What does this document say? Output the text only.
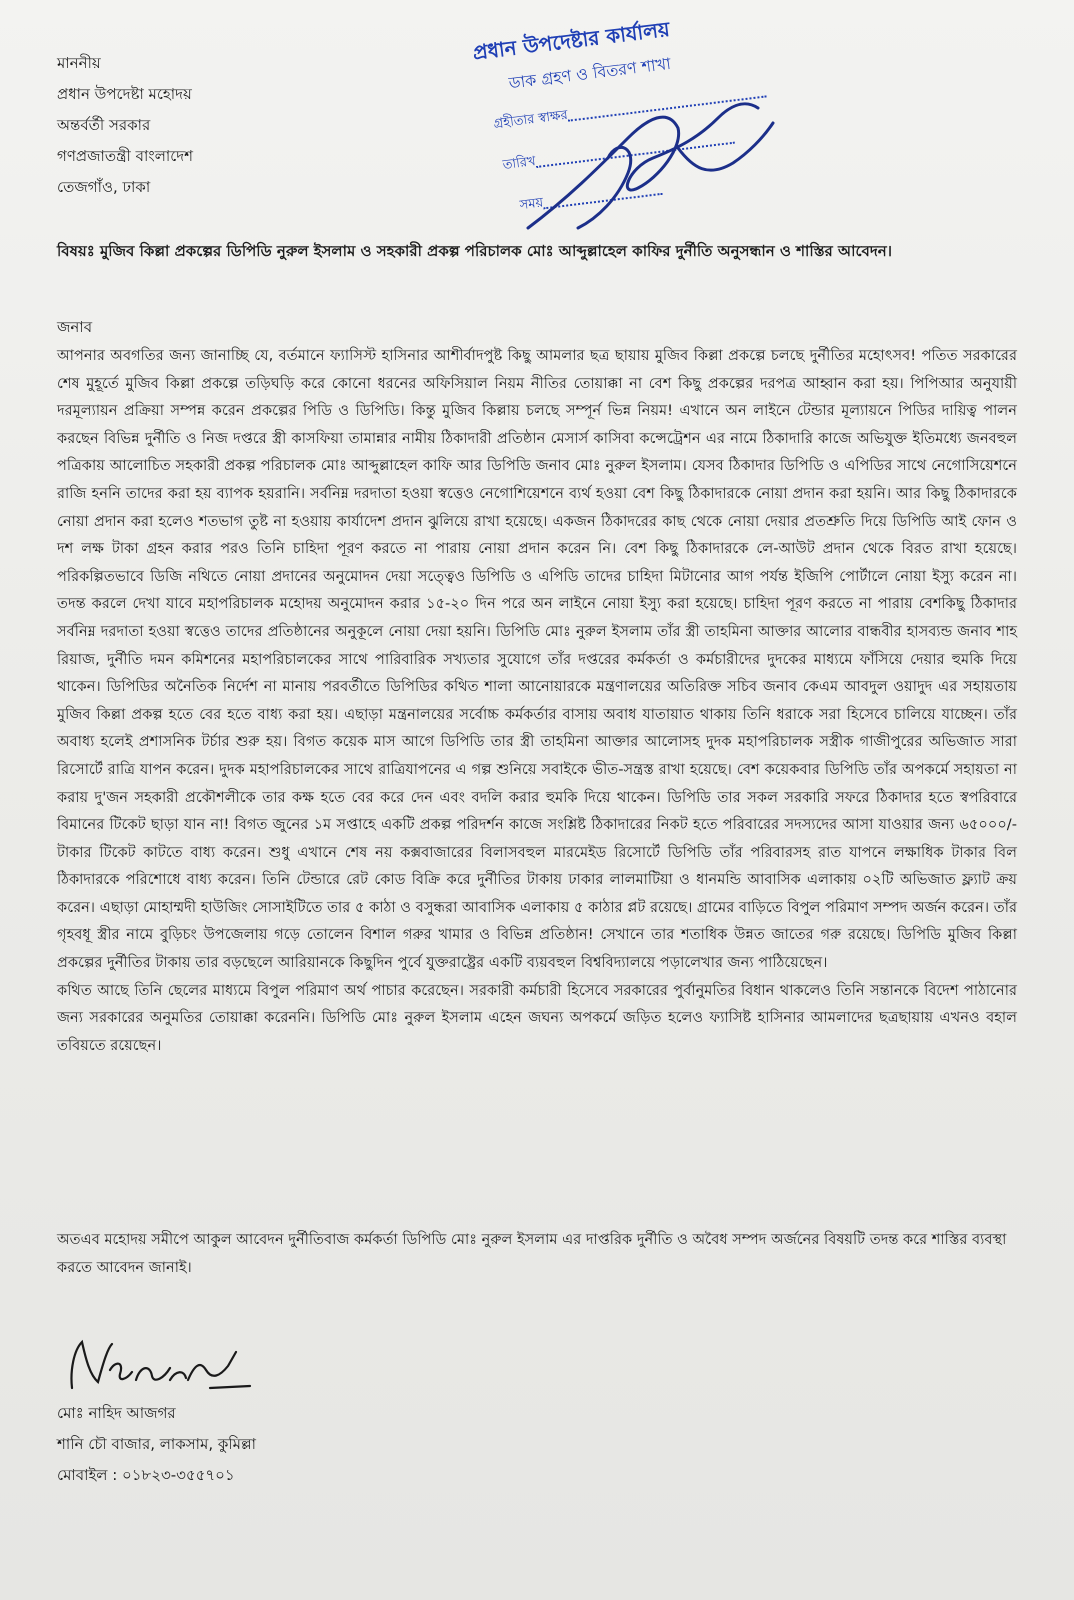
মাননীয়
প্রধান উপদেষ্টা মহোদয়
অন্তর্বর্তী সরকার
গণপ্রজাতন্ত্রী বাংলাদেশ
তেজগাঁও, ঢাকা
প্রধান উপদেষ্টার কার্যালয়
ডাক গ্রহণ ও বিতরণ শাখা
গ্রহীতার স্বাক্ষর
তারিখ
সময়
বিষয়ঃ মুজিব কিল্লা প্রকল্পের ডিপিডি নুরুল ইসলাম ও সহকারী প্রকল্প পরিচালক মোঃ আব্দুল্লাহেল কাফির দুর্নীতি অনুসন্ধান ও শাস্তির আবেদন।
জনাব

আপনার অবগতির জন্য জানাচ্ছি যে, বর্তমানে ফ্যাসিস্ট হাসিনার আশীর্বাদপুষ্ট কিছু আমলার ছত্র ছায়ায় মুজিব কিল্লা প্রকল্পে চলছে দুর্নীতির মহোৎসব! পতিত সরকারের শেষ মুহূর্তে মুজিব কিল্লা প্রকল্পে তড়িঘড়ি করে কোনো ধরনের অফিসিয়াল নিয়ম নীতির তোয়াক্কা না বেশ কিছু প্রকল্পের দরপত্র আহ্বান করা হয়। পিপিআর অনুযায়ী দরমূল্যায়ন প্রক্রিয়া সম্পন্ন করেন প্রকল্পের পিডি ও ডিপিডি। কিন্তু মুজিব কিল্লায় চলছে সম্পূর্ন ভিন্ন নিয়ম! এখানে অন লাইনে টেন্ডার মূল্যায়নে পিডির দায়িত্ব পালন করছেন বিভিন্ন দুর্নীতি ও নিজ দপ্তরে স্ত্রী কাসফিয়া তামান্নার নামীয় ঠিকাদারী প্রতিষ্ঠান মেসার্স কাসিবা কন্সেট্রেশন এর নামে ঠিকাদারি কাজে অভিযুক্ত ইতিমধ্যে জনবহুল পত্রিকায় আলোচিত সহকারী প্রকল্প পরিচালক মোঃ আব্দুল্লাহেল কাফি আর ডিপিডি জনাব মোঃ নুরুল ইসলাম। যেসব ঠিকাদার ডিপিডি ও এপিডির সাথে নেগোসিয়েশনে রাজি হননি তাদের করা হয় ব্যাপক হয়রানি। সর্বনিম্ন দরদাতা হওয়া স্বত্তেও নেগোশিয়েশনে ব্যর্থ হওয়া বেশ কিছু ঠিকাদারকে নোয়া প্রদান করা হয়নি। আর কিছু ঠিকাদারকে নোয়া প্রদান করা হলেও শতভাগ তুষ্ট না হওয়ায় কার্যাদেশ প্রদান ঝুলিয়ে রাখা হয়েছে। একজন ঠিকাদরের কাছ থেকে নোয়া দেয়ার প্রতশ্রুতি দিয়ে ডিপিডি আই ফোন ও দশ লক্ষ টাকা গ্রহন করার পরও তিনি চাহিদা পূরণ করতে না পারায় নোয়া প্রদান করেন নি। বেশ কিছু ঠিকাদারকে লে-আউট প্রদান থেকে বিরত রাখা হয়েছে। পরিকল্পিতভাবে ডিজি নথিতে নোয়া প্রদানের অনুমোদন দেয়া সত্ত্বেও ডিপিডি ও এপিডি তাদের চাহিদা মিটানোর আগ পর্যন্ত ইজিপি পোর্টালে নোয়া ইস্যু করেন না। তদন্ত করলে দেখা যাবে মহাপরিচালক মহোদয় অনুমোদন করার ১৫-২০ দিন পরে অন লাইনে নোয়া ইস্যু করা হয়েছে। চাহিদা পূরণ করতে না পারায় বেশকিছু ঠিকাদার সর্বনিম্ন দরদাতা হওয়া স্বত্তেও তাদের প্রতিষ্ঠানের অনুকূলে নোয়া দেয়া হয়নি। ডিপিডি মোঃ নুরুল ইসলাম তাঁর স্ত্রী তাহমিনা আক্তার আলোর বান্ধবীর হাসব্যন্ড জনাব শাহ রিয়াজ, দুর্নীতি দমন কমিশনের মহাপরিচালকের সাথে পারিবারিক সখ্যতার সুযোগে তাঁর দপ্তরের কর্মকর্তা ও কর্মচারীদের দুদকের মাধ্যমে ফাঁসিয়ে দেয়ার হুমকি দিয়ে থাকেন। ডিপিডির অনৈতিক নির্দেশ না মানায় পরবর্তীতে ডিপিডির কথিত শালা আনোয়ারকে মন্ত্রণালয়ের অতিরিক্ত সচিব জনাব কেএম আবদুল ওয়াদুদ এর সহায়তায় মুজিব কিল্লা প্রকল্প হতে বের হতে বাধ্য করা হয়। এছাড়া মন্ত্রনালয়ের সর্বোচ্চ কর্মকর্তার বাসায় অবাধ যাতায়াত থাকায় তিনি ধরাকে সরা হিসেবে চালিয়ে যাচ্ছেন। তাঁর অবাধ্য হলেই প্রশাসনিক টর্চার শুরু হয়। বিগত কয়েক মাস আগে ডিপিডি তার স্ত্রী তাহমিনা আক্তার আলোসহ দুদক মহাপরিচালক সস্ত্রীক গাজীপুরের অভিজাত সারা রিসোর্টে রাত্রি যাপন করেন। দুদক মহাপরিচালকের সাথে রাত্রিযাপনের এ গল্প শুনিয়ে সবাইকে ভীত-সন্ত্রস্ত রাখা হয়েছে। বেশ কয়েকবার ডিপিডি তাঁর অপকর্মে সহায়তা না করায় দু'জন সহকারী প্রকৌশলীকে তার কক্ষ হতে বের করে দেন এবং বদলি করার হুমকি দিয়ে থাকেন। ডিপিডি তার সকল সরকারি সফরে ঠিকাদার হতে স্বপরিবারে বিমানের টিকেট ছাড়া যান না! বিগত জুনের ১ম সপ্তাহে একটি প্রকল্প পরিদর্শন কাজে সংশ্লিষ্ট ঠিকাদারের নিকট হতে পরিবারের সদস্যদের আসা যাওয়ার জন্য ৬৫০০০/- টাকার টিকেট কাটতে বাধ্য করেন। শুধু এখানে শেষ নয় কক্সবাজারের বিলাসবহুল মারমেইড রিসোর্টে ডিপিডি তাঁর পরিবারসহ রাত যাপনে লক্ষাধিক টাকার বিল ঠিকাদারকে পরিশোধে বাধ্য করেন। তিনি টেন্ডারে রেট কোড বিক্রি করে দুর্নীতির টাকায় ঢাকার লালমাটিয়া ও ধানমন্ডি আবাসিক এলাকায় ০২টি অভিজাত ফ্ল্যাট ক্রয় করেন। এছাড়া মোহাম্মদী হাউজিং সোসাইটিতে তার ৫ কাঠা ও বসুন্ধরা আবাসিক এলাকায় ৫ কাঠার প্লট রয়েছে। গ্রামের বাড়িতে বিপুল পরিমাণ সম্পদ অর্জন করেন। তাঁর গৃহবধূ স্ত্রীর নামে বুড়িচং উপজেলায় গড়ে তোলেন বিশাল গরুর খামার ও বিভিন্ন প্রতিষ্ঠান! সেখানে তার শতাধিক উন্নত জাতের গরু রয়েছে। ডিপিডি মুজিব কিল্লা প্রকল্পের দুর্নীতির টাকায় তার বড়ছেলে আরিয়ানকে কিছুদিন পুর্বে যুক্তরাষ্ট্রের একটি ব্যয়বহুল বিশ্ববিদ্যালয়ে পড়ালেখার জন্য পাঠিয়েছেন।

কথিত আছে তিনি ছেলের মাধ্যমে বিপুল পরিমাণ অর্থ পাচার করেছেন। সরকারী কর্মচারী হিসেবে সরকারের পুর্বানুমতির বিধান থাকলেও তিনি সন্তানকে বিদেশ পাঠানোর জন্য সরকারের অনুমতির তোয়াক্কা করেননি। ডিপিডি মোঃ নুরুল ইসলাম এহেন জঘন্য অপকর্মে জড়িত হলেও ফ্যাসিষ্ট হাসিনার আমলাদের ছত্রছায়ায় এখনও বহাল তবিয়তে রয়েছেন।

অতএব মহোদয় সমীপে আকুল আবেদন দুর্নীতিবাজ কর্মকর্তা ডিপিডি মোঃ নুরুল ইসলাম এর দাপ্তরিক দুর্নীতি ও অবৈধ সম্পদ অর্জনের বিষয়টি তদন্ত করে শাস্তির ব্যবস্থা করতে আবেদন জানাই।

মোঃ নাহিদ আজগর
শানি চৌ বাজার, লাকসাম, কুমিল্লা
মোবাইল : ০১৮২৩-৩৫৫৭০১
